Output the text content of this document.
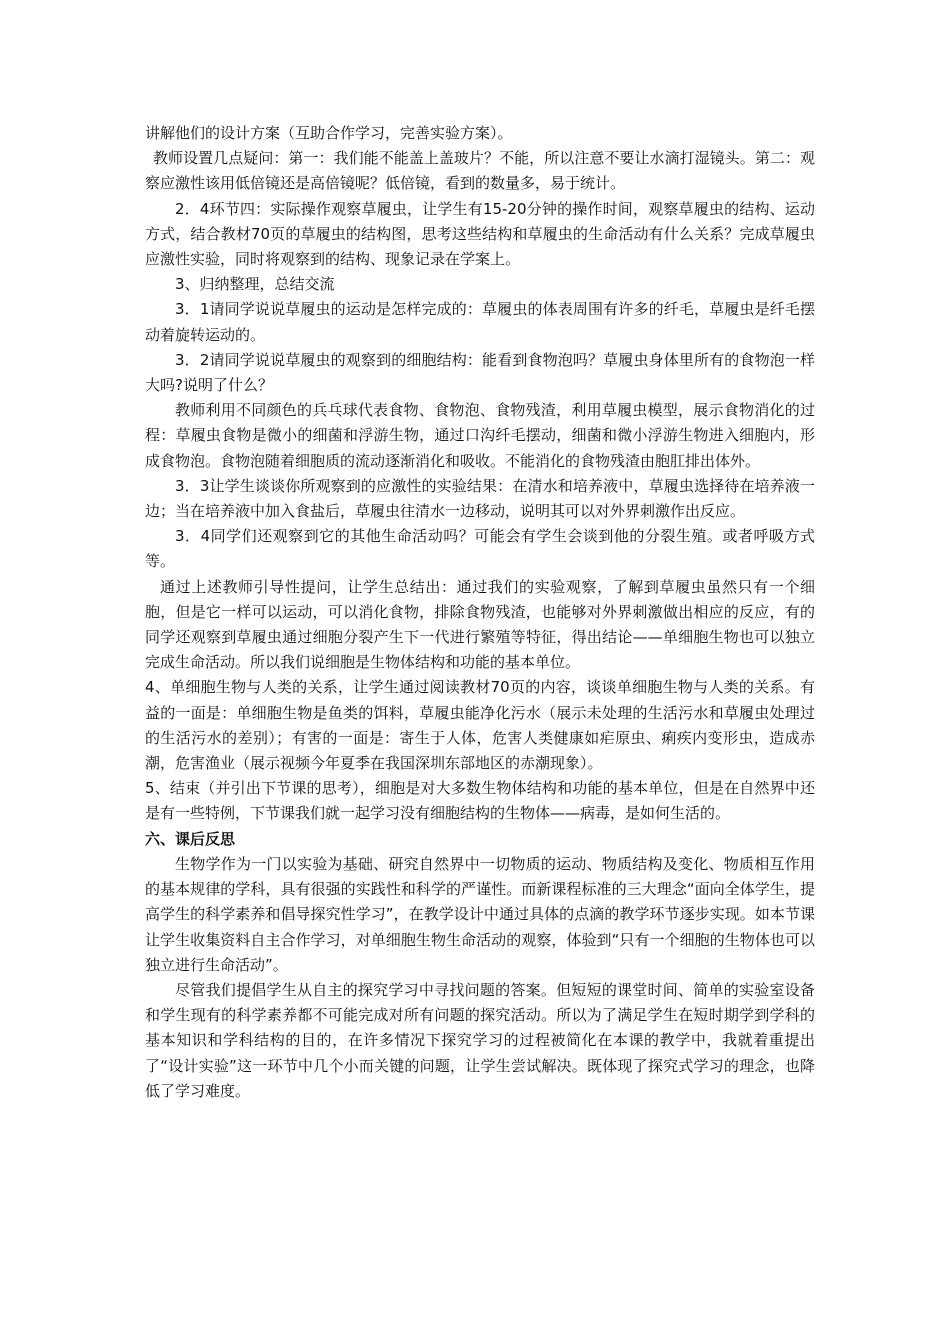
讲解他们的设计方案（互助合作学习，完善实验方案）。

教师设置几点疑问：第一：我们能不能盖上盖玻片？不能，所以注意不要让水滴打湿镜头。第二：观察应激性该用低倍镜还是高倍镜呢？低倍镜，看到的数量多，易于统计。

2．4环节四：实际操作观察草履虫，让学生有15-20分钟的操作时间，观察草履虫的结构、运动方式，结合教材70页的草履虫的结构图，思考这些结构和草履虫的生命活动有什么关系？完成草履虫应激性实验，同时将观察到的结构、现象记录在学案上。

3、归纳整理，总结交流

3．1请同学说说草履虫的运动是怎样完成的：草履虫的体表周围有许多的纤毛，草履虫是纤毛摆动着旋转运动的。

3．2请同学说说草履虫的观察到的细胞结构：能看到食物泡吗？草履虫身体里所有的食物泡一样大吗?说明了什么？

教师利用不同颜色的兵乓球代表食物、食物泡、食物残渣，利用草履虫模型，展示食物消化的过程：草履虫食物是微小的细菌和浮游生物，通过口沟纤毛摆动，细菌和微小浮游生物进入细胞内，形成食物泡。食物泡随着细胞质的流动逐渐消化和吸收。不能消化的食物残渣由胞肛排出体外。

3．3让学生谈谈你所观察到的应激性的实验结果：在清水和培养液中，草履虫选择待在培养液一边；当在培养液中加入食盐后，草履虫往清水一边移动，说明其可以对外界刺激作出反应。

3．4同学们还观察到它的其他生命活动吗？可能会有学生会谈到他的分裂生殖。或者呼吸方式等。

通过上述教师引导性提问，让学生总结出：通过我们的实验观察，了解到草履虫虽然只有一个细胞，但是它一样可以运动，可以消化食物，排除食物残渣，也能够对外界刺激做出相应的反应，有的同学还观察到草履虫通过细胞分裂产生下一代进行繁殖等特征，得出结论——单细胞生物也可以独立完成生命活动。所以我们说细胞是生物体结构和功能的基本单位。

4、单细胞生物与人类的关系，让学生通过阅读教材70页的内容，谈谈单细胞生物与人类的关系。有益的一面是：单细胞生物是鱼类的饵料，草履虫能净化污水（展示未处理的生活污水和草履虫处理过的生活污水的差别）；有害的一面是：寄生于人体，危害人类健康如疟原虫、痢疾内变形虫，造成赤潮，危害渔业（展示视频今年夏季在我国深圳东部地区的赤潮现象）。

5、结束（并引出下节课的思考），细胞是对大多数生物体结构和功能的基本单位，但是在自然界中还是有一些特例，下节课我们就一起学习没有细胞结构的生物体——病毒，是如何生活的。

六、课后反思

生物学作为一门以实验为基础、研究自然界中一切物质的运动、物质结构及变化、物质相互作用的基本规律的学科，具有很强的实践性和科学的严谨性。而新课程标准的三大理念“面向全体学生，提高学生的科学素养和倡导探究性学习”，在教学设计中通过具体的点滴的教学环节逐步实现。如本节课让学生收集资料自主合作学习，对单细胞生物生命活动的观察，体验到“只有一个细胞的生物体也可以独立进行生命活动”。

尽管我们提倡学生从自主的探究学习中寻找问题的答案。但短短的课堂时间、简单的实验室设备和学生现有的科学素养都不可能完成对所有问题的探究活动。所以为了满足学生在短时期学到学科的基本知识和学科结构的目的，在许多情况下探究学习的过程被简化在本课的教学中，我就着重提出了“设计实验”这一环节中几个小而关键的问题，让学生尝试解决。既体现了探究式学习的理念，也降低了学习难度。
